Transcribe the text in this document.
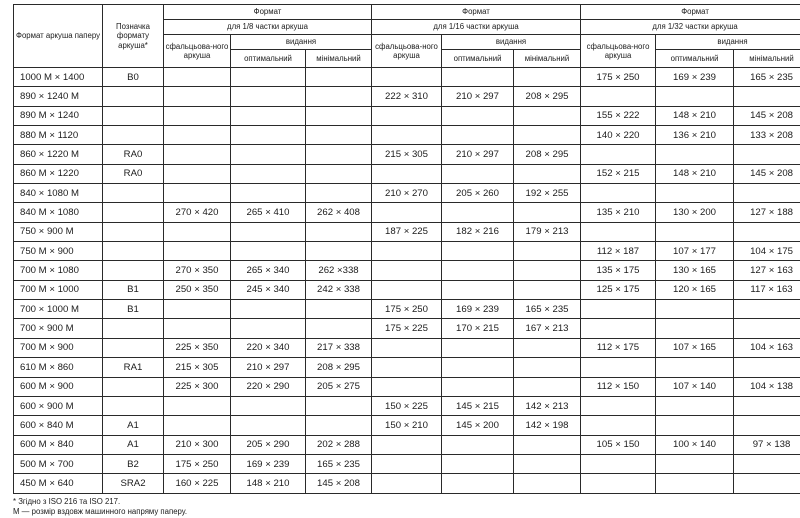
Формат аркуша паперу	Позначка формату аркуша*	Формат			Формат			Формат		
		для 1/8 частки аркуша			для 1/16 частки аркуша			для 1/32 частки аркуша		
		сфальцьова-ного аркуша	видання		сфальцьова-ного аркуша	видання		сфальцьова-ного аркуша	видання	
			оптимальний	мінімальний		оптимальний	мінімальний		оптимальний	мінімальний
1000 М × 1400	B0							175 × 250	169 × 239	165 × 235
890 × 1240 М					222 × 310	210 × 297	208 × 295			
890 М × 1240								155 × 222	148 × 210	145 × 208
880 М × 1120								140 × 220	136 × 210	133 × 208
860 × 1220 М	RA0				215 × 305	210 × 297	208 × 295			
860 М × 1220	RA0							152 × 215	148 × 210	145 × 208
840 × 1080 М					210 × 270	205 × 260	192 × 255			
840 М × 1080		270 × 420	265 × 410	262 × 408				135 × 210	130 × 200	127 × 188
750 × 900 М					187 × 225	182 × 216	179 × 213			
750 М × 900								112 × 187	107 × 177	104 × 175
700 М × 1080		270 × 350	265 × 340	262 ×338				135 × 175	130 × 165	127 × 163
700 М × 1000	B1	250 × 350	245 × 340	242 × 338				125 × 175	120 × 165	117 × 163
700 × 1000 М	B1				175 × 250	169 × 239	165 × 235			
700 × 900 М					175 × 225	170 × 215	167 × 213			
700 М × 900		225 × 350	220 × 340	217 × 338				112 × 175	107 × 165	104 × 163
610 М × 860	RA1	215 × 305	210 × 297	208 × 295						
600 М × 900		225 × 300	220 × 290	205 × 275				112 × 150	107 × 140	104 × 138
600 × 900 М					150 × 225	145 × 215	142 × 213			
600 × 840 М	A1				150 × 210	145 × 200	142 × 198			
600 М × 840	A1	210 × 300	205 × 290	202 × 288				105 × 150	100 × 140	97 × 138
500 М × 700	B2	175 × 250	169 × 239	165 × 235						
450 М × 640	SRA2	160 × 225	148 × 210	145 × 208						
* Згідно з ISO 216 та ISO 217.
М — розмір вздовж машинного напряму паперу.
